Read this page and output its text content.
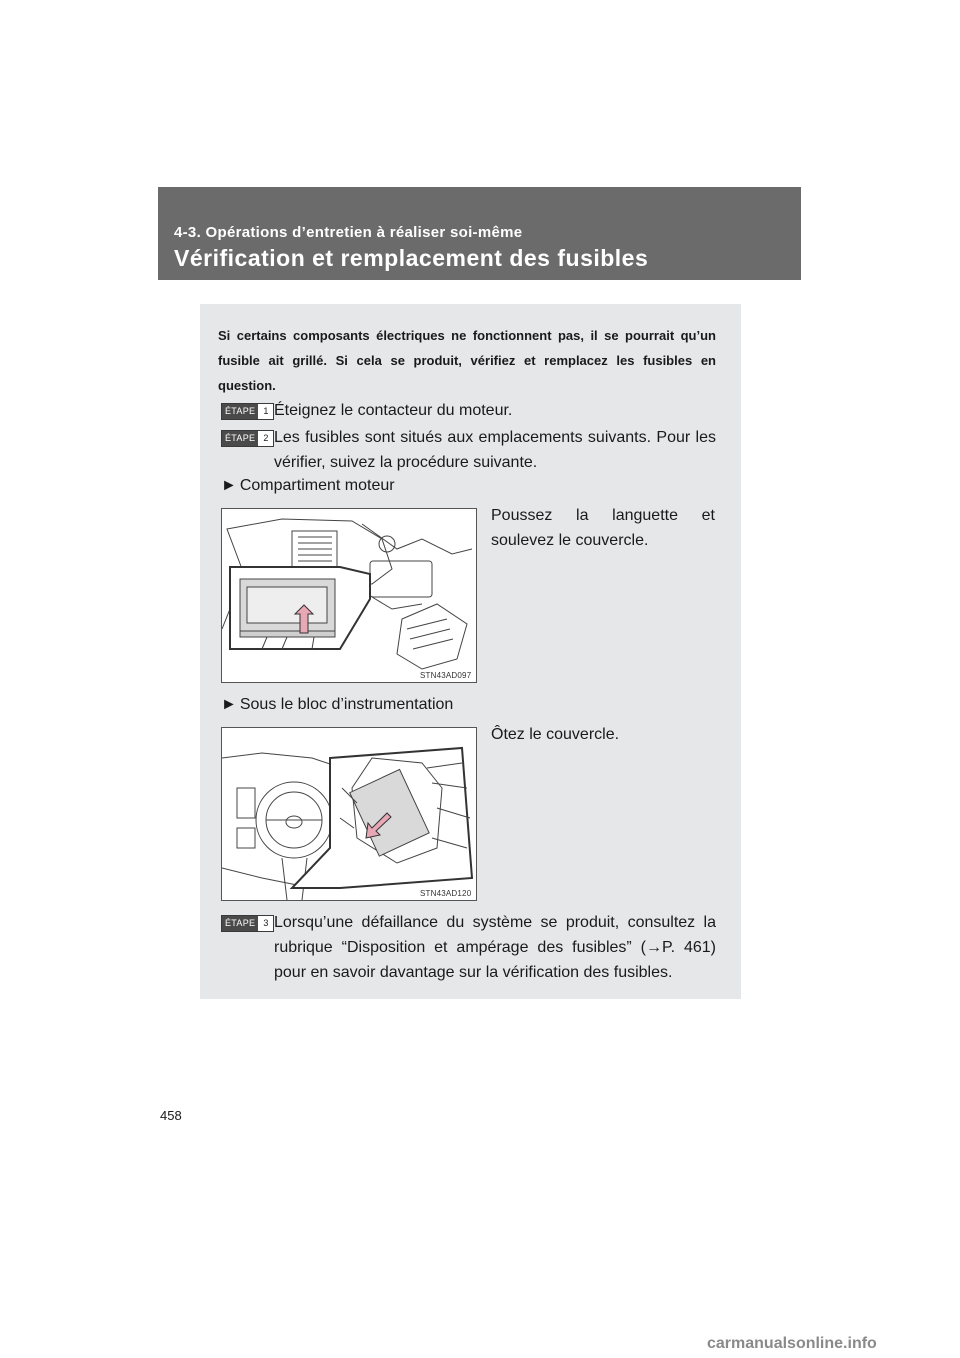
4-3. Opérations d’entretien à réaliser soi-même
Vérification et remplacement des fusibles
Si certains composants électriques ne fonctionnent pas, il se pourrait qu’un fusible ait grillé. Si cela se produit, vérifiez et remplacez les fusibles en question.
ÉTAPE 1 Éteignez le contacteur du moteur.
ÉTAPE 2 Les fusibles sont situés aux emplacements suivants. Pour les vérifier, suivez la procédure suivante.
► Compartiment moteur
Poussez la languette et soulevez le couvercle.
STN43AD097
► Sous le bloc d’instrumentation
Ôtez le couvercle.
STN43AD120
ÉTAPE 3 Lorsqu’une défaillance du système se produit, consultez la rubrique “Disposition et ampérage des fusibles” (→P. 461) pour en savoir davantage sur la vérification des fusibles.
458
carmanualsonline.info
